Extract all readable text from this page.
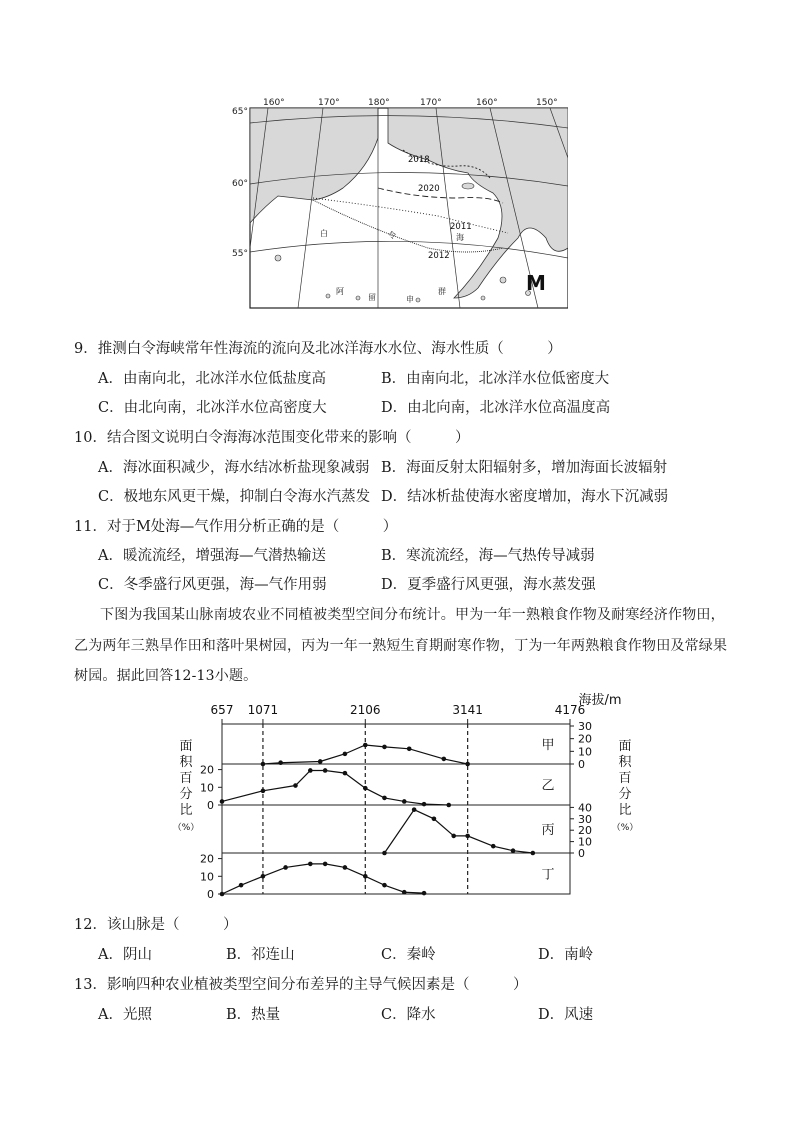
160°	170°	180°	170°	160°	150°
65°
60°
55°
2018
2020
2011
2012
白	令	海
阿
留	申
群	M
9．推测白令海峡常年性海流的流向及北冰洋海水水位、海水性质（　　　）
A．由南向北，北冰洋水位低盐度高	B．由南向北，北冰洋水位低密度大
C．由北向南，北冰洋水位高密度大	D．由北向南，北冰洋水位高温度高
10．结合图文说明白令海海冰范围变化带来的影响（　　　）
A．海冰面积减少，海水结冰析盐现象减弱 B．海面反射太阳辐射多，增加海面长波辐射
C．极地东风更干燥，抑制白令海水汽蒸发 D．结冰析盐使海水密度增加，海水下沉减弱
11．对于M处海—气作用分析正确的是（　　　）
A．暖流流经，增强海—气潜热输送	B．寒流流经，海—气热传导减弱
C．冬季盛行风更强，海—气作用弱	D．夏季盛行风更强，海水蒸发强
下图为我国某山脉南坡农业不同植被类型空间分布统计。甲为一年一熟粮食作物及耐寒经济作物田，
乙为两年三熟旱作田和落叶果树园，丙为一年一熟短生育期耐寒作物，丁为一年两熟粮食作物田及常绿果
树园。据此回答12-13小题。
657 1071	2106	3141	4176
海拔/m
0
10
20
30
甲
0
10
20
乙
0
10
20
30
40
丙
0
10
20
丁
面
积
百
分
比
（%）
面
积
百
分
比
（%）
12．该山脉是（　　　）
A．阴山	B．祁连山	C．秦岭	D．南岭
13．影响四种农业植被类型空间分布差异的主导气候因素是（　　　）
A．光照	B．热量	C．降水	D．风速
